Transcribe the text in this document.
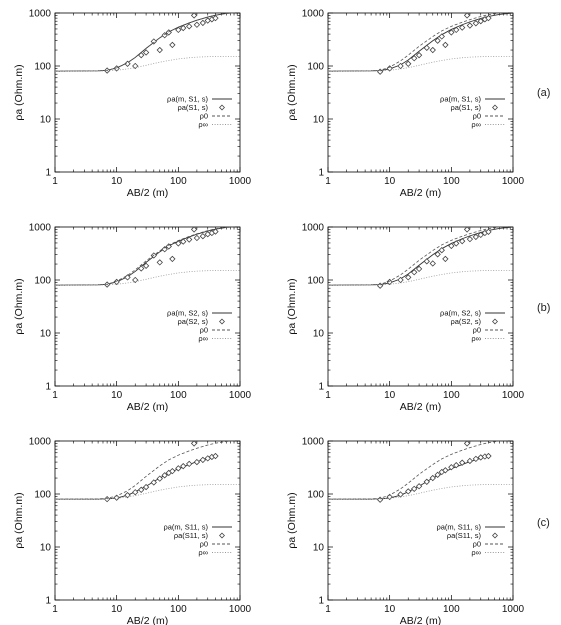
1	10	100	1000
1
10
100
1000
AB/2 (m)
ρa (Ohm.m)	ρa(m, S1, s)
ρa(S1, s)
ρ0
ρ∞
1	10	100	1000
1
10
100
1000
AB/2 (m)
ρa (Ohm.m)	ρa(m, S1, s)
ρa(S1, s)
ρ0
ρ∞
1	10	100	1000
1
10
100
1000
AB/2 (m)
ρa (Ohm.m)	ρa(m, S2, s)
ρa(S2, s)
ρ0
ρ∞
1	10	100	1000
1
10
100
1000
AB/2 (m)
ρa (Ohm.m)	ρa(m, S2, s)
ρa(S2, s)
ρ0
ρ∞
1	10	100	1000
1
10
100
1000
AB/2 (m)
ρa (Ohm.m)	ρa(m, S11, s)
ρa(S11, s)
ρ0
ρ∞
1	10	100	1000
1
10
100
1000
AB/2 (m)
ρa (Ohm.m)	ρa(m, S11, s)
ρa(S11, s)
ρ0
ρ∞
(a)
(b)
(c)
